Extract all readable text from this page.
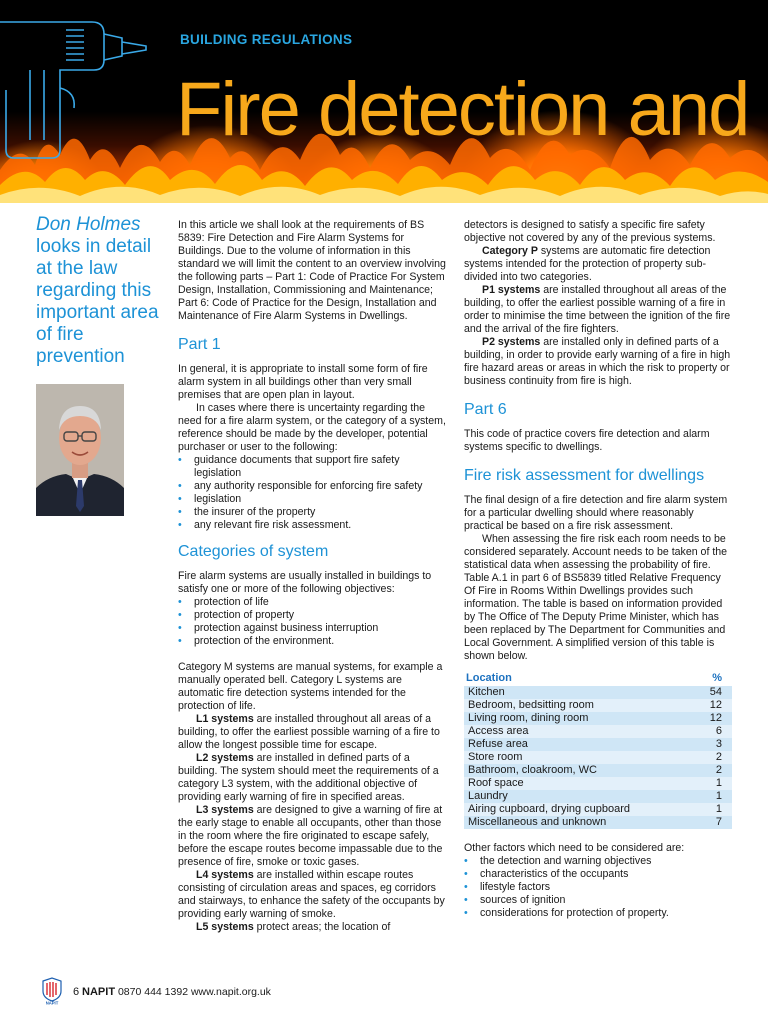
BUILDING REGULATIONS
Fire detection and
Don Holmes looks in detail at the law regarding this important area of fire prevention

In this article we shall look at the requirements of BS 5839: Fire Detection and Fire Alarm Systems for Buildings. Due to the volume of information in this standard we will limit the content to an overview involving the following parts – Part 1: Code of Practice For System Design, Installation, Commissioning and Maintenance; Part 6: Code of Practice for the Design, Installation and Maintenance of Fire Alarm Systems in Dwellings.

Part 1

In general, it is appropriate to install some form of fire alarm system in all buildings other than very small premises that are open plan in layout.

In cases where there is uncertainty regarding the need for a fire alarm system, or the category of a system, reference should be made by the developer, potential purchaser or user to the following:

• guidance documents that support fire safety legislation
• any authority responsible for enforcing fire safety
• legislation
• the insurer of the property
• any relevant fire risk assessment.
Categories of system

Fire alarm systems are usually installed in buildings to satisfy one or more of the following objectives:

• protection of life
• protection of property
• protection against business interruption
• protection of the environment.

Category M systems are manual systems, for example a manually operated bell. Category L systems are automatic fire detection systems intended for the protection of life.

L1 systems are installed throughout all areas of a building, to offer the earliest possible warning of a fire to allow the longest possible time for escape.

L2 systems are installed in defined parts of a building. The system should meet the requirements of a category L3 system, with the additional objective of providing early warning of fire in specified areas.

L3 systems are designed to give a warning of fire at the early stage to enable all occupants, other than those in the room where the fire originated to escape safely, before the escape routes become impassable due to the presence of fire, smoke or toxic gases.

L4 systems are installed within escape routes consisting of circulation areas and spaces, eg corridors and stairways, to enhance the safety of the occupants by providing early warning of smoke.

L5 systems protect areas; the location of

detectors is designed to satisfy a specific fire safety objective not covered by any of the previous systems.

Category P systems are automatic fire detection systems intended for the protection of property sub-divided into two categories.

P1 systems are installed throughout all areas of the building, to offer the earliest possible warning of a fire in order to minimise the time between the ignition of the fire and the arrival of the fire fighters.

P2 systems are installed only in defined parts of a building, in order to provide early warning of a fire in high fire hazard areas or areas in which the risk to property or business continuity from fire is high.

Part 6

This code of practice covers fire detection and alarm systems specific to dwellings.

Fire risk assessment for dwellings

The final design of a fire detection and fire alarm system for a particular dwelling should where reasonably practical be based on a fire risk assessment.

When assessing the fire risk each room needs to be considered separately. Account needs to be taken of the statistical data when assessing the probability of fire. Table A.1 in part 6 of BS5839 titled Relative Frequency Of Fire in Rooms Within Dwellings provides such information. The table is based on information provided by The Office of The Deputy Prime Minister, which has been replaced by The Department for Communities and Local Government. A simplified version of this table is shown below.

Location	%
Kitchen	54
Bedroom, bedsitting room	12
Living room, dining room	12
Access area	6
Refuse area	3
Store room	2
Bathroom, cloakroom, WC	2
Roof space	1
Laundry	1
Airing cupboard, drying cupboard	1
Miscellaneous and unknown	7

Other factors which need to be considered are:

• the detection and warning objectives
• characteristics of the occupants
• lifestyle factors
• sources of ignition
• considerations for protection of property.
NAPIT
6 NAPIT 0870 444 1392 www.napit.org.uk
